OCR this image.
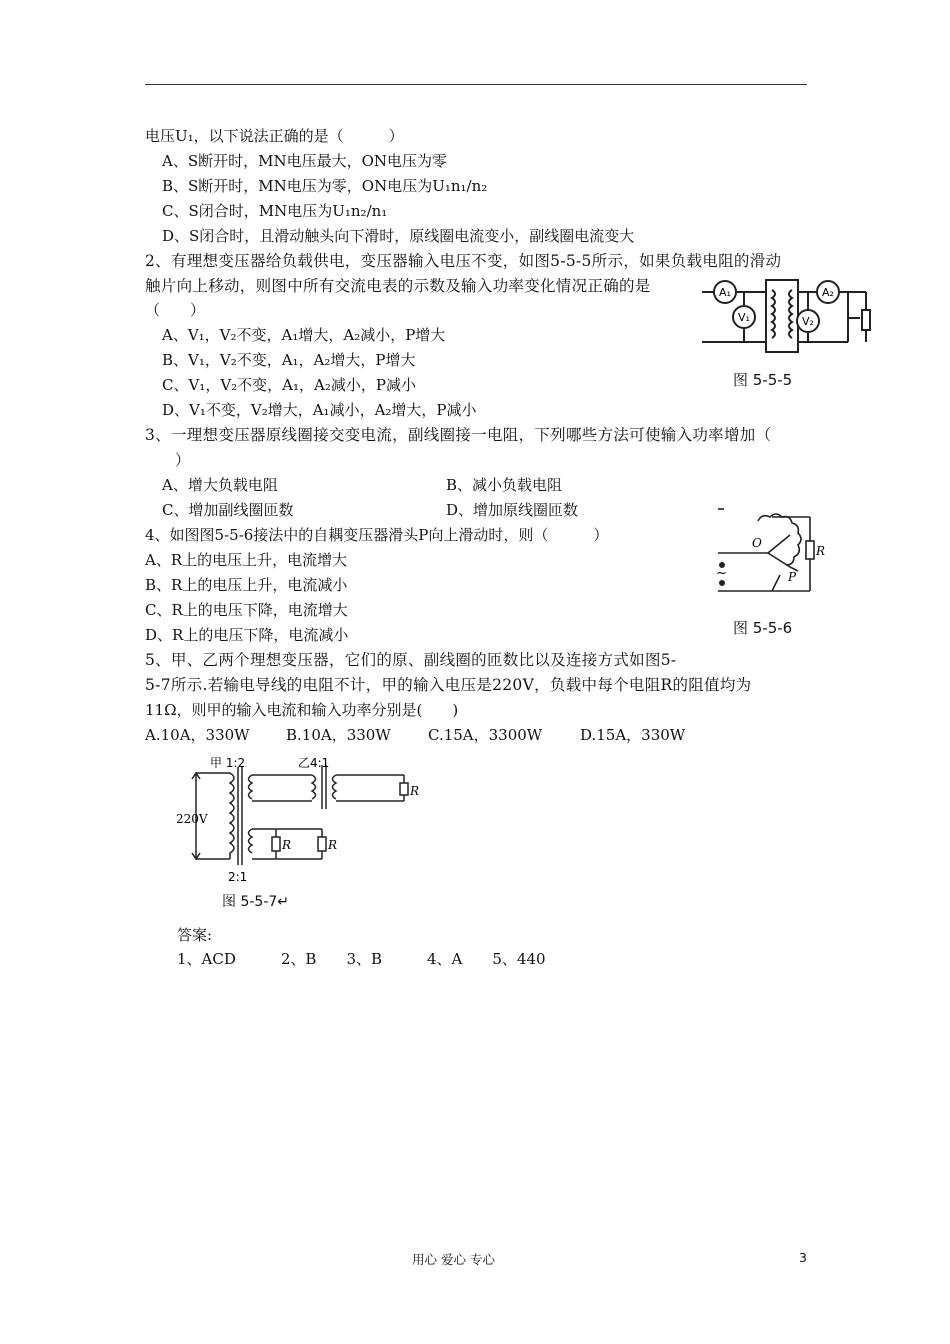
电压U₁，以下说法正确的是（　　　）
A、S断开时，MN电压最大，ON电压为零
B、S断开时，MN电压为零，ON电压为U₁n₁/n₂
C、S闭合时，MN电压为U₁n₂/n₁
D、S闭合时，且滑动触头向下滑时，原线圈电流变小，副线圈电流变大
2、有理想变压器给负载供电，变压器输入电压不变，如图5-5-5所示，如果负载电阻的滑动
触片向上移动，则图中所有交流电表的示数及输入功率变化情况正确的是
（　　）
A、V₁，V₂不变，A₁增大，A₂减小，P增大
B、V₁，V₂不变，A₁，A₂增大，P增大
C、V₁，V₂不变，A₁，A₂减小，P减小
D、V₁不变，V₂增大，A₁减小，A₂增大，P减小
A₁
V₁
A₂
V₂
图 5-5-5
3、一理想变压器原线圈接交变电流，副线圈接一电阻，下列哪些方法可使输入功率增加（
）
A、增大负载电阻	B、减小负载电阻
C、增加副线圈匝数	D、增加原线圈匝数
4、如图图5-5-6接法中的自耦变压器滑头P向上滑动时，则（　　　）
A、R上的电压上升，电流增大
B、R上的电压上升，电流减小
C、R上的电压下降，电流增大
D、R上的电压下降，电流减小
O
P
R
~
图 5-5-6
5、甲、乙两个理想变压器，它们的原、副线圈的匝数比以及连接方式如图5-
5-7所示.若输电导线的电阻不计，甲的输入电压是220V，负载中每个电阻R的阻值均为
11Ω，则甲的输入电流和输入功率分别是(　　)
A.10A，330W B.10A，330W C.15A，3300W	D.15A，330W
甲 1:2	乙4:1
220V
2:1
R
R	R
图 5-5-7↵
答案:
1、ACD　　　2、B　　3、B　　　4、A　　5、440
用心 爱心 专心	3
